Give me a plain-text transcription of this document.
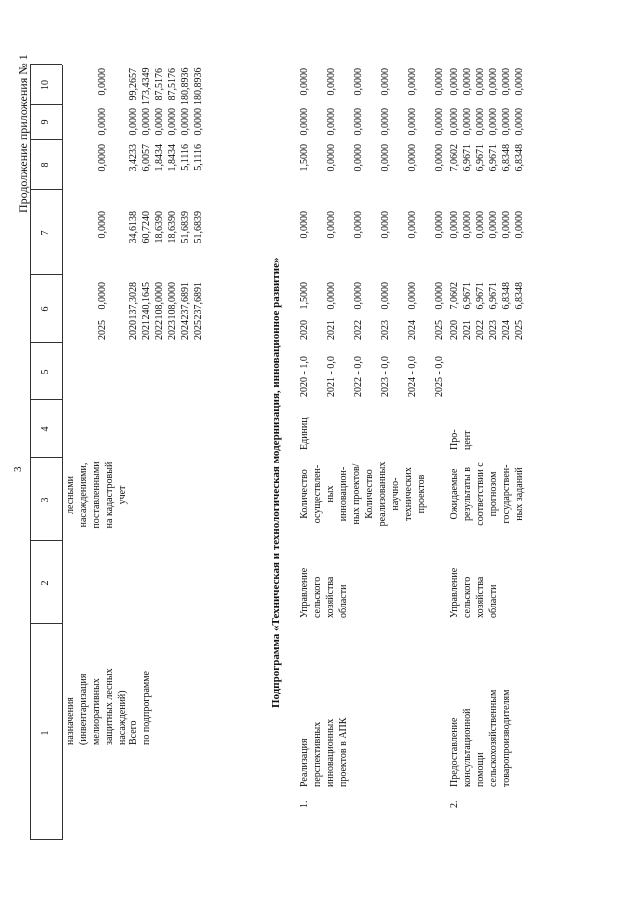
3
Продолжение приложения № 1
1
2
3
4
5
6
7
8
9
10
назначения (инвентаризация мелиоративных защитных лесных насаждений)
лесными насаждениями, поставленными на кадастровый учет
2025
0,0000
0,0000
0,0000
0,0000
0,0000
Всего по подпрограмме	Подпрограмма «Техническая и технологическая модернизация, инновационное развитие»
2020
137,3028
34,6138
3,4233
0,0000
99,2657
2021
240,1645
60,7240
6,0057
0,0000
173,4349
2022
108,0000
18,6390
1,8434
0,0000
87,5176
2023
108,0000
18,6390
1,8434
0,0000
87,5176
2024
237,6891
51,6839
5,1116
0,0000
180,8936
2025
237,6891
51,6839
5,1116
0,0000
180,8936
1.
Реализация перспективных инновационных проектов в АПК
Управление сельского хозяйства области
Количество осуществлен- ных инновацион- ных проектов/ Количество реализованных научно- технических проектов
Единиц
2020 - 1,0
2020
1,5000
0,0000
1,5000
0,0000
0,0000
2021 - 0,0
2021
0,0000
0,0000
0,0000
0,0000
0,0000
2022 - 0,0
2022
0,0000
0,0000
0,0000
0,0000
0,0000
2023 - 0,0
2023
0,0000
0,0000
0,0000
0,0000
0,0000
2024 - 0,0
2024
0,0000
0,0000
0,0000
0,0000
0,0000
2025 - 0,0
2025
0,0000
0,0000
0,0000
0,0000
0,0000
2.
Предоставление консультационной помощи сельскохозяйственным товаропроизводителям
Управление сельского хозяйства области
Ожидаемые результаты в соответствии с прогнозом государствен- ных заданий
Про- цент
2020
7,0602
0,0000
7,0602
0,0000
0,0000
2021
6,9671
0,0000
6,9671
0,0000
0,0000
2022
6,9671
0,0000
6,9671
0,0000
0,0000
2023
6,9671
0,0000
6,9671
0,0000
0,0000
2024
6,8348
0,0000
6,8348
0,0000
0,0000
2025
6,8348
0,0000
6,8348
0,0000
0,0000
